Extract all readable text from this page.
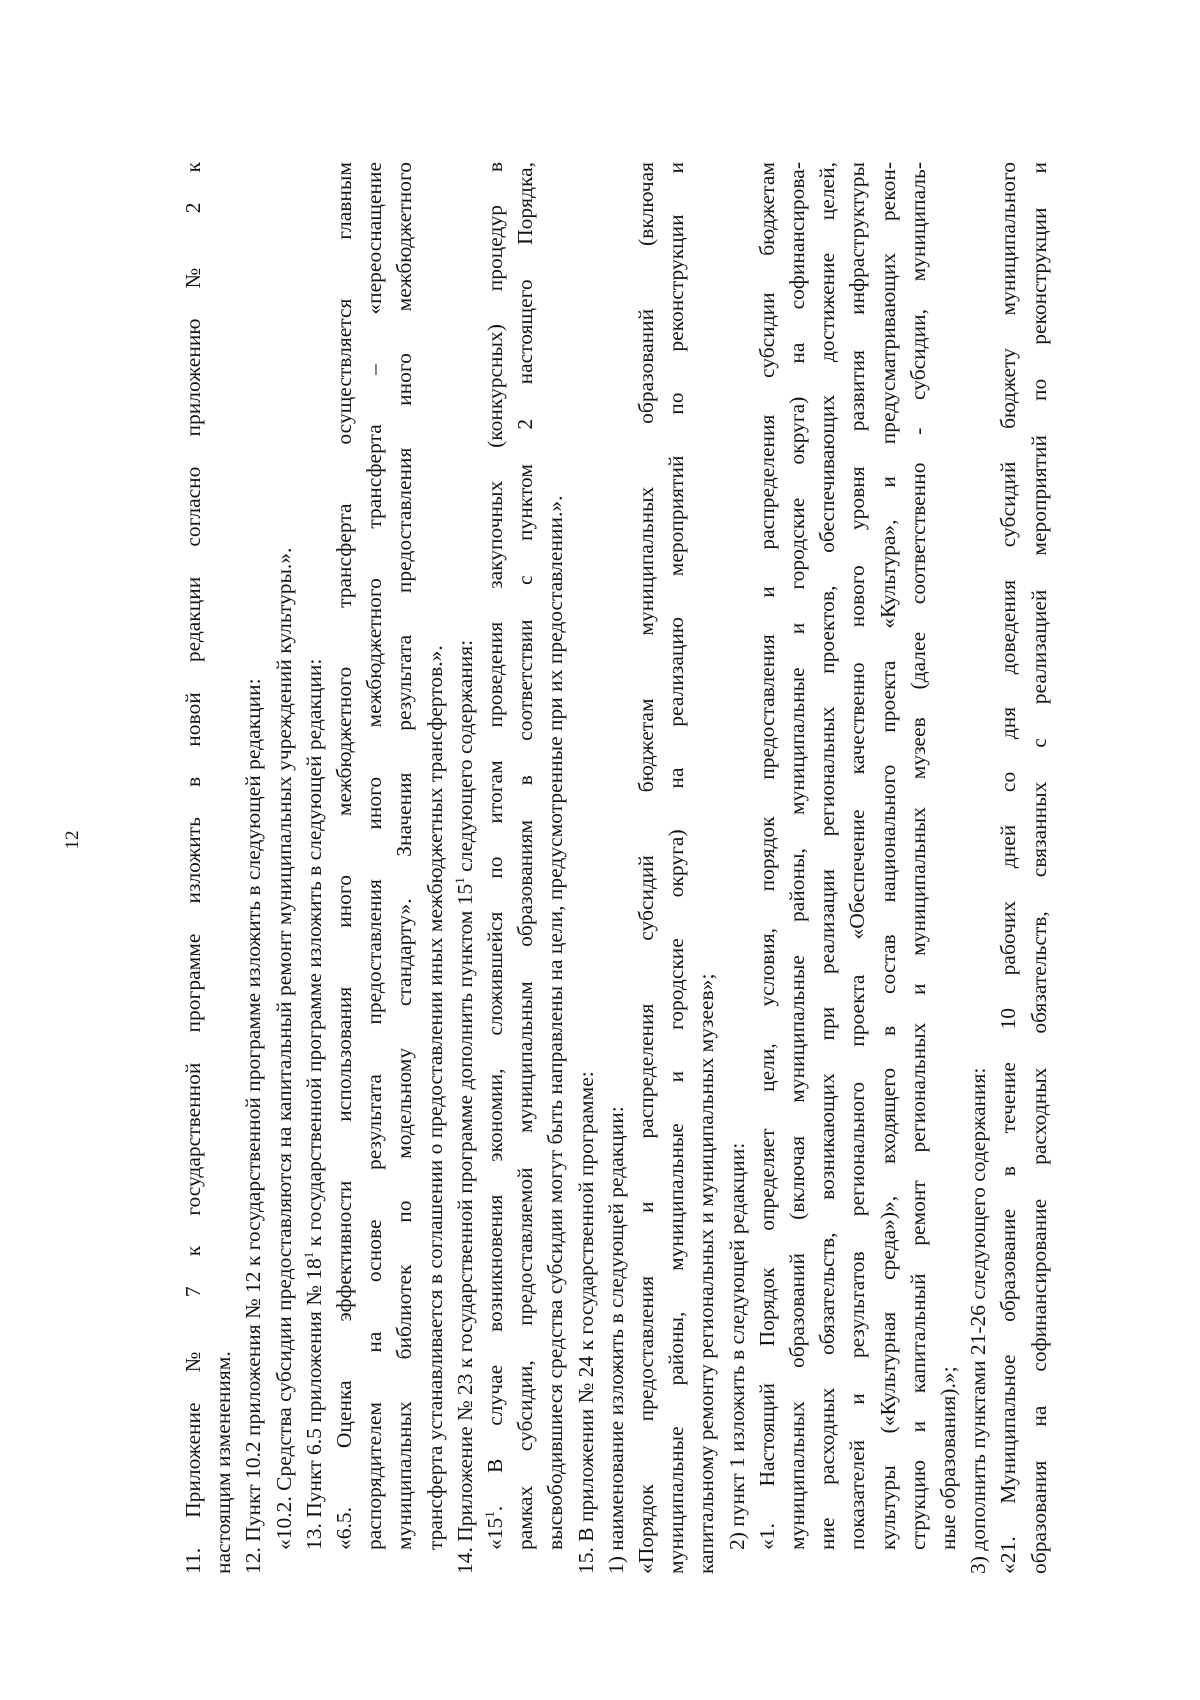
12	11. Приложение № 7 к государственной программе изложить в новой редакции согласно приложению № 2 к настоящим изменениям. 12. Пункт 10.2 приложения № 12 к государственной программе изложить в следующей редакции: «10.2. Средства субсидии предоставляются на капитальный ремонт муниципальных учреждений культуры.». 13. Пункт 6.5 приложения № $18^1$ к государственной программе изложить в следующей редакции: «6.5. Оценка эффективности использования иного межбюджетного трансферта осуществляется главным распорядителем на основе результата предоставления иного межбюджетного трансферта – «переоснащение муниципальных библиотек по модельному стандарту». Значения результата предоставления иного межбюджетного трансферта устанавливается в соглашении о предоставлении иных межбюджетных трансфертов.». 14. Приложение № 23 к государственной программе дополнить пунктом $15^1$ следующего содержания:
«$15^1$. В случае возникновения экономии, сложившейся по итогам проведения закупочных (конкурсных) процедур в рамках субсидии, предоставляемой муниципальным образованиям в соответствии с пунктом 2 настоящего Порядка, высвободившиеся средства субсидии могут быть направлены на цели, предусмотренные при их предоставлении.». 15. В приложении № 24 к государственной программе: 1) наименование изложить в следующей редакции: «Порядок предоставления и распределения субсидий бюджетам муниципальных образований (включая муниципальные районы, муниципальные и городские округа) на реализацию мероприятий по реконструкции и капитальному ремонту региональных и муниципальных музеев»; 2) пункт 1 изложить в следующей редакции: «1. Настоящий Порядок определяет цели, условия, порядок предоставления и распределения субсидии бюджетам муниципальных образований (включая муниципальные районы, муниципальные и городские округа) на софинансирова- ние расходных обязательств, возникающих при реализации региональных проектов, обеспечивающих достижение целей, показателей и результатов регионального проекта «Обеспечение качественно нового уровня развития инфраструктуры культуры («Культурная среда»)», входящего в состав национального проекта «Культура», и предусматривающих рекон- струкцию и капитальный ремонт региональных и муниципальных музеев (далее соответственно - субсидии, муниципаль- ные образования).»; 3) дополнить пунктами 21-26 следующего содержания: «21. Муниципальное образование в течение 10 рабочих дней со дня доведения субсидий бюджету муниципального образования на софинансирование расходных обязательств, связанных с реализацией мероприятий по реконструкции и
